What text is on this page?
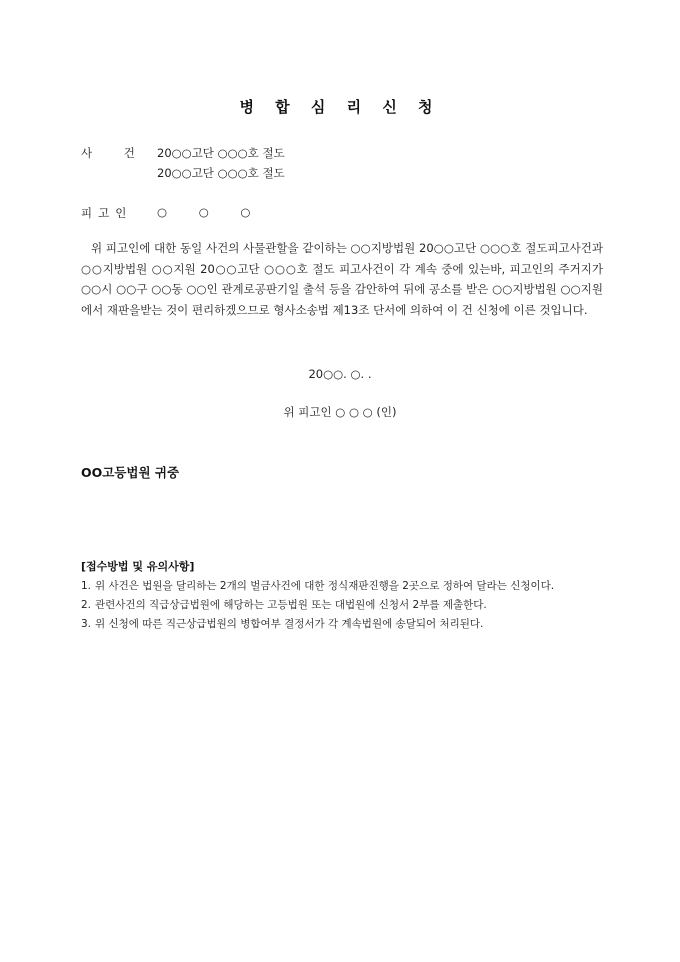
병 합 심 리 신 청
사 건 20○○고단 ○○○호 절도
20○○고단 ○○○호 절도
피고인 ○ ○ ○
위 피고인에 대한 동일 사건의 사물관할을 같이하는 ○○지방법원 20○○고단 ○○○호 절도피고사건과 ○○지방법원 ○○지원 20○○고단 ○○○호 절도 피고사건이 각 계속 중에 있는바, 피고인의 주거지가 ○○시 ○○구 ○○동 ○○인 관계로공판기일 출석 등을 감안하여 뒤에 공소를 받은 ○○지방법원 ○○지원에서 재판을받는 것이 편리하겠으므로 형사소송법 제13조 단서에 의하여 이 건 신청에 이른 것입니다.
20○○. ○. .
위 피고인 ○ ○ ○ (인)
OO고등법원 귀중
[접수방법 및 유의사항]
1. 위 사건은 법원을 달리하는 2개의 벌금사건에 대한 정식재판진행을 2곳으로 정하여 달라는 신청이다.
2. 관련사건의 직급상급법원에 해당하는 고등법원 또는 대법원에 신청서 2부를 제출한다.
3. 위 신청에 따른 직근상급법원의 병합여부 결정서가 각 계속법원에 송달되어 처리된다.
